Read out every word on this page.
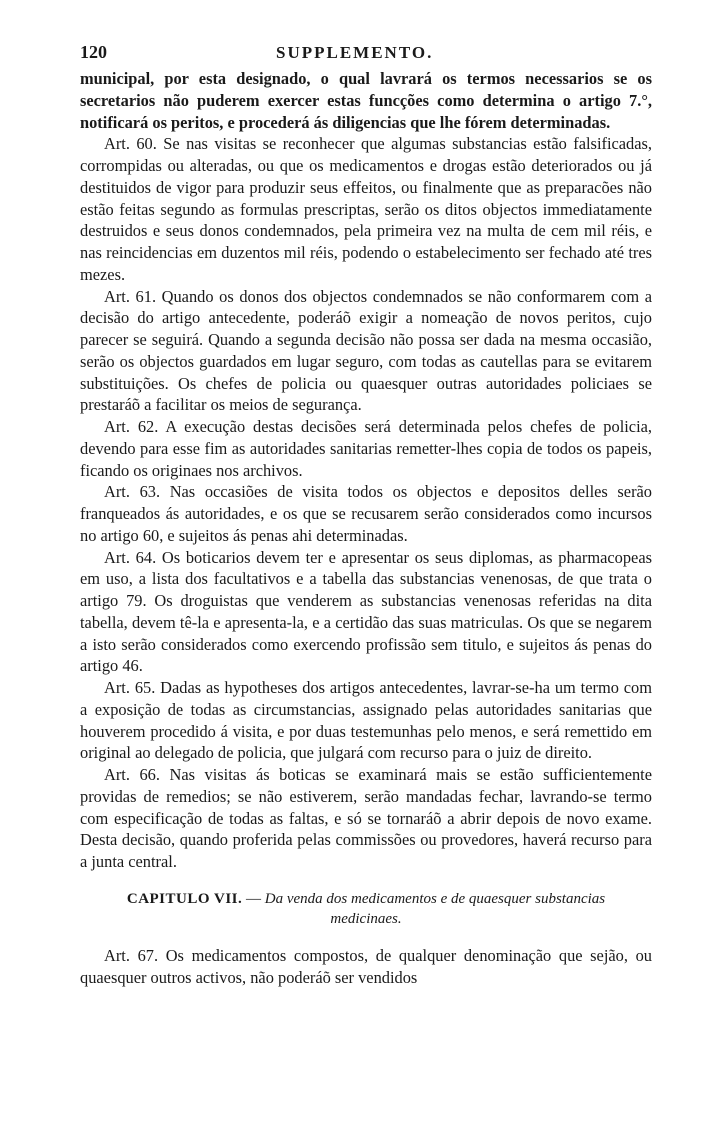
120	SUPPLEMENTO.

municipal, por esta designado, o qual lavrará os termos necessarios se os secretarios não puderem exercer estas funcções como determina o artigo 7.°, notificará os peritos, e procederá ás diligencias que lhe fórem determinadas.

Art. 60. Se nas visitas se reconhecer que algumas substancias estão falsificadas, corrompidas ou alteradas, ou que os medicamentos e drogas estão deteriorados ou já destituidos de vigor para produzir seus effeitos, ou finalmente que as preparacões não estão feitas segundo as formulas prescriptas, serão os ditos objectos immediatamente destruidos e seus donos condemnados, pela primeira vez na multa de cem mil réis, e nas reincidencias em duzentos mil réis, podendo o estabelecimento ser fechado até tres mezes.

Art. 61. Quando os donos dos objectos condemnados se não conformarem com a decisão do artigo antecedente, poderáõ exigir a nomeação de novos peritos, cujo parecer se seguirá. Quando a segunda decisão não possa ser dada na mesma occasião, serão os objectos guardados em lugar seguro, com todas as cautellas para se evitarem substituições. Os chefes de policia ou quaesquer outras autoridades policiaes se prestaráõ a facilitar os meios de segurança.

Art. 62. A execução destas decisões será determinada pelos chefes de policia, devendo para esse fim as autoridades sanitarias remetter-lhes copia de todos os papeis, ficando os originaes nos archivos.

Art. 63. Nas occasiões de visita todos os objectos e depositos delles serão franqueados ás autoridades, e os que se recusarem serão considerados como incursos no artigo 60, e sujeitos ás penas ahi determinadas.

Art. 64. Os boticarios devem ter e apresentar os seus diplomas, as pharmacopeas em uso, a lista dos facultativos e a tabella das substancias venenosas, de que trata o artigo 79. Os droguistas que venderem as substancias venenosas referidas na dita tabella, devem tê-la e apresenta-la, e a certidão das suas matriculas. Os que se negarem a isto serão considerados como exercendo profissão sem titulo, e sujeitos ás penas do artigo 46.

Art. 65. Dadas as hypotheses dos artigos antecedentes, lavrar-se-ha um termo com a exposição de todas as circumstancias, assignado pelas autoridades sanitarias que houverem procedido á visita, e por duas testemunhas pelo menos, e será remettido em original ao delegado de policia, que julgará com recurso para o juiz de direito.

Art. 66. Nas visitas ás boticas se examinará mais se estão sufficientemente providas de remedios; se não estiverem, serão mandadas fechar, lavrando-se termo com especificação de todas as faltas, e só se tornaráõ a abrir depois de novo exame. Desta decisão, quando proferida pelas commissões ou provedores, haverá recurso para a junta central.

CAPITULO VII. — Da venda dos medicamentos e de quaesquer substancias medicinaes.

Art. 67. Os medicamentos compostos, de qualquer denominação que sejão, ou quaesquer outros activos, não poderáõ ser vendidos
